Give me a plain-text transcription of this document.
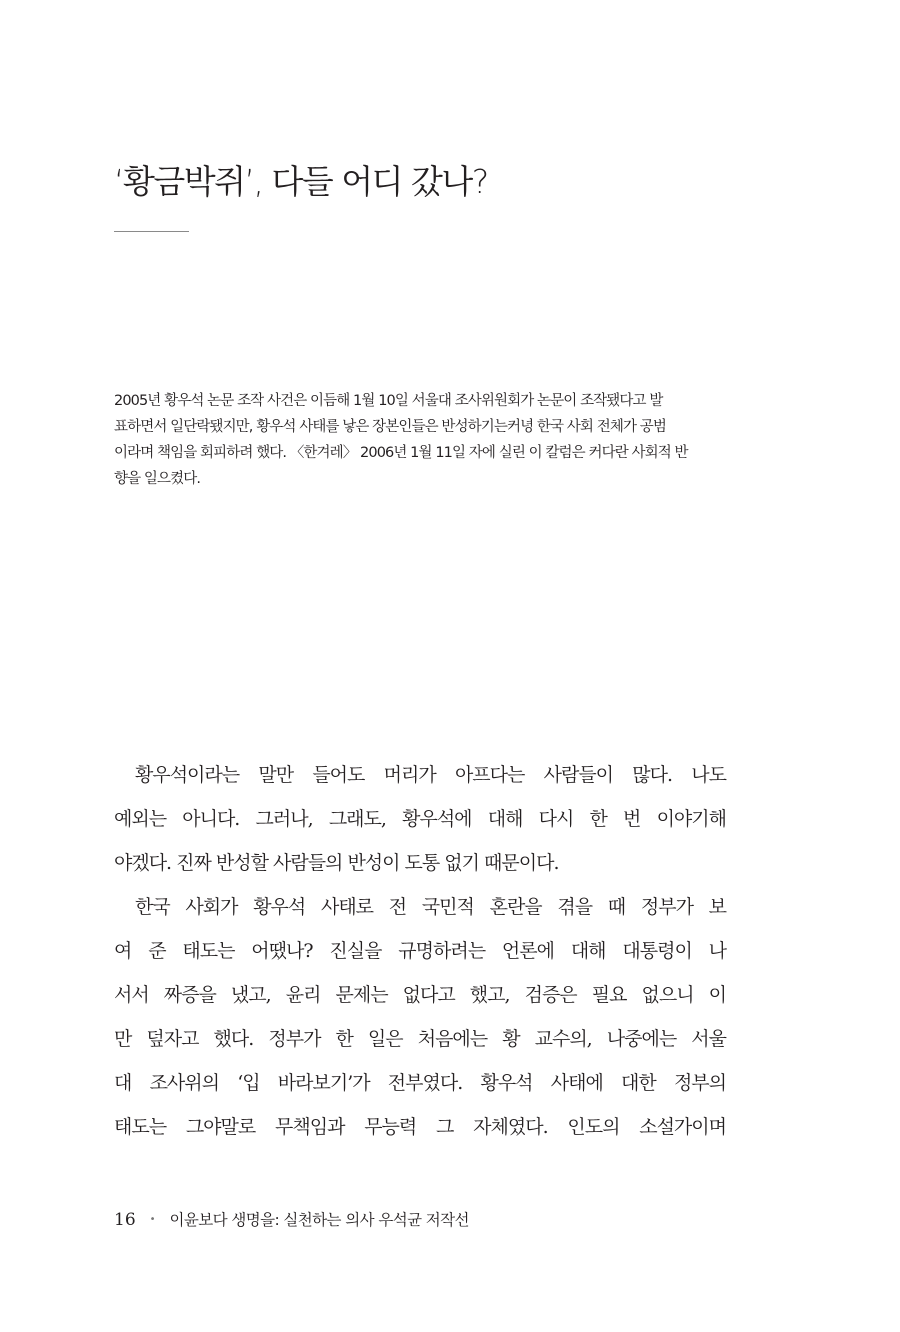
‘황금박쥐’, 다들 어디 갔나?
2005년 황우석 논문 조작 사건은 이듬해 1월 10일 서울대 조사위원회가 논문이 조작됐다고 발
표하면서 일단락됐지만, 황우석 사태를 낳은 장본인들은 반성하기는커녕 한국 사회 전체가 공범
이라며 책임을 회피하려 했다. 〈한겨레〉 2006년 1월 11일 자에 실린 이 칼럼은 커다란 사회적 반
향을 일으켰다.
황우석이라는 말만 들어도 머리가 아프다는 사람들이 많다. 나도
예외는 아니다. 그러나, 그래도, 황우석에 대해 다시 한 번 이야기해
야겠다. 진짜 반성할 사람들의 반성이 도통 없기 때문이다.
한국 사회가 황우석 사태로 전 국민적 혼란을 겪을 때 정부가 보
여 준 태도는 어땠나? 진실을 규명하려는 언론에 대해 대통령이 나
서서 짜증을 냈고, 윤리 문제는 없다고 했고, 검증은 필요 없으니 이
만 덮자고 했다. 정부가 한 일은 처음에는 황 교수의, 나중에는 서울
대 조사위의 ‘입 바라보기’가 전부였다. 황우석 사태에 대한 정부의
태도는 그야말로 무책임과 무능력 그 자체였다. 인도의 소설가이며
16 • 이윤보다 생명을: 실천하는 의사 우석균 저작선
